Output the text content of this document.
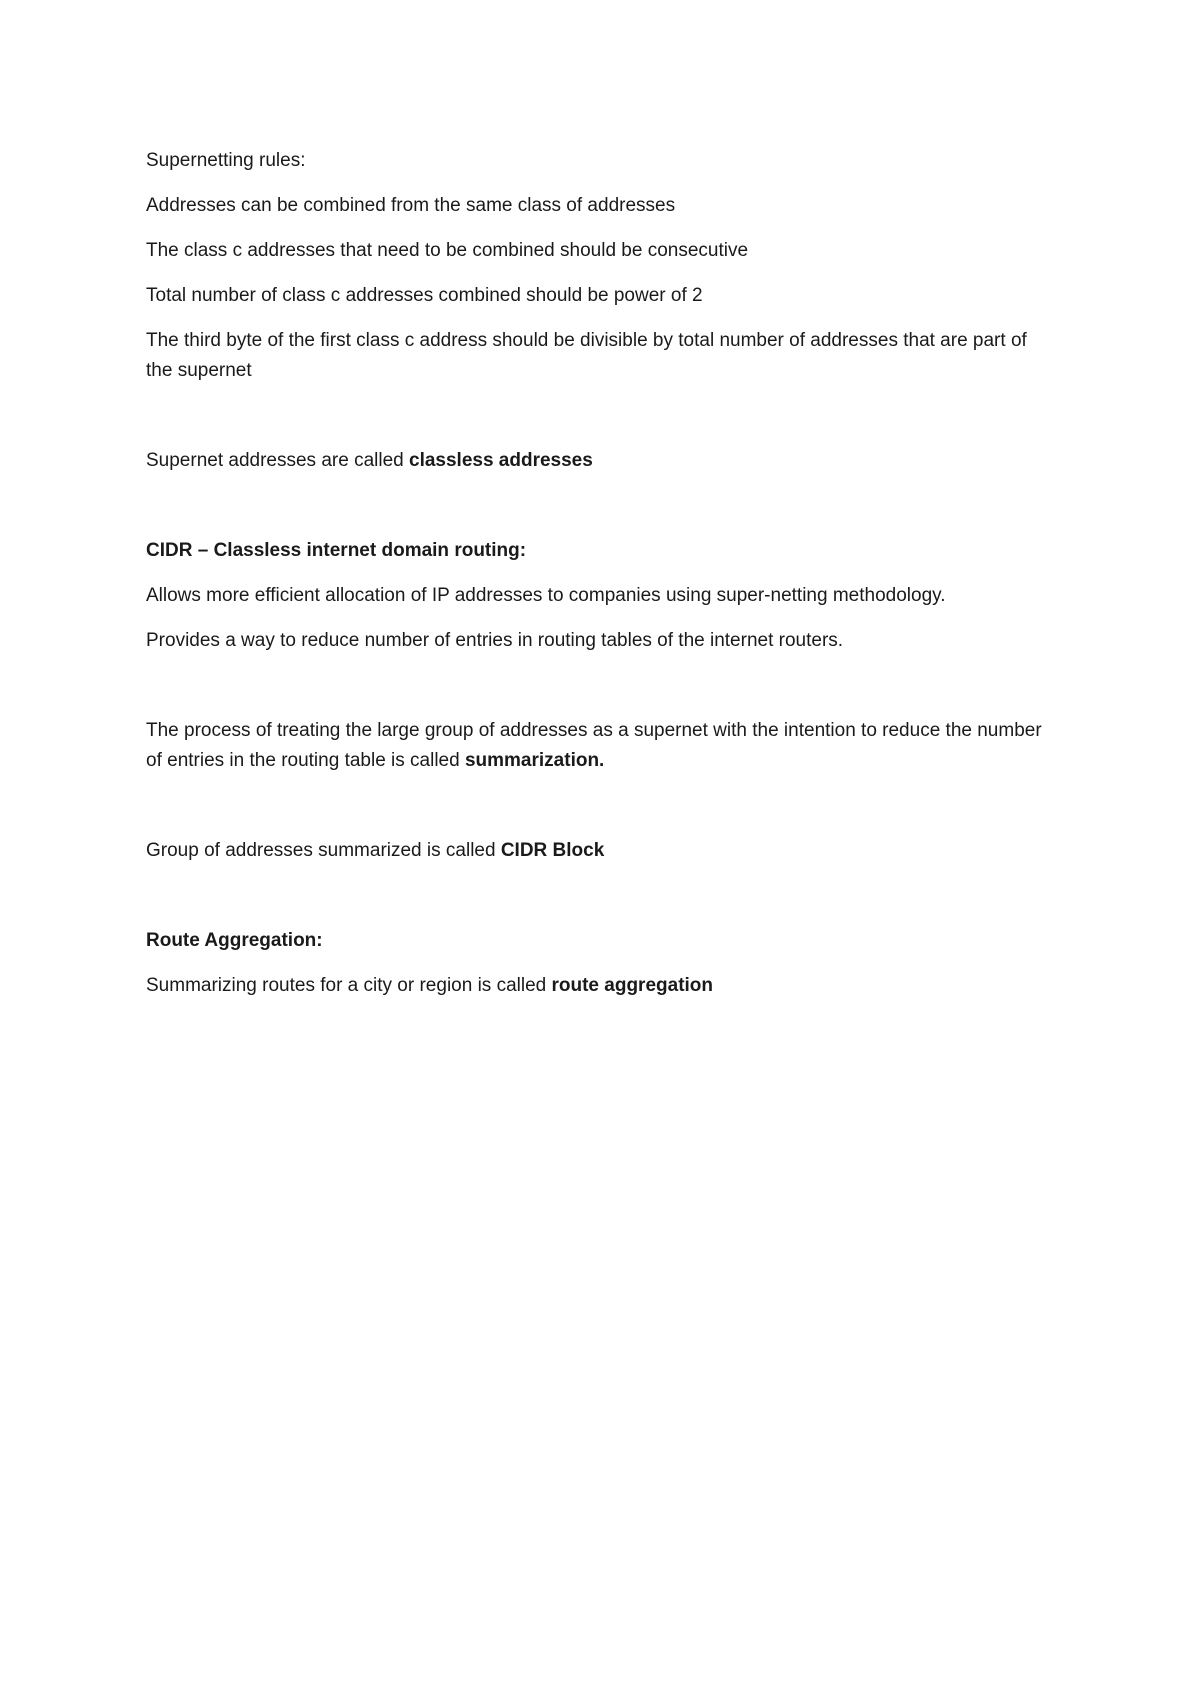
Supernetting rules:

Addresses can be combined from the same class of addresses

The class c addresses that need to be combined should be consecutive

Total number of class c addresses combined should be power of 2

The third byte of the first class c address should be divisible by total number of addresses that are part of the supernet

Supernet addresses are called classless addresses

CIDR – Classless internet domain routing:

Allows more efficient allocation of IP addresses to companies using super-netting methodology.

Provides a way to reduce number of entries in routing tables of the internet routers.

The process of treating the large group of addresses as a supernet with the intention to reduce the number of entries in the routing table is called summarization.

Group of addresses summarized is called CIDR Block

Route Aggregation:

Summarizing routes for a city or region is called route aggregation
